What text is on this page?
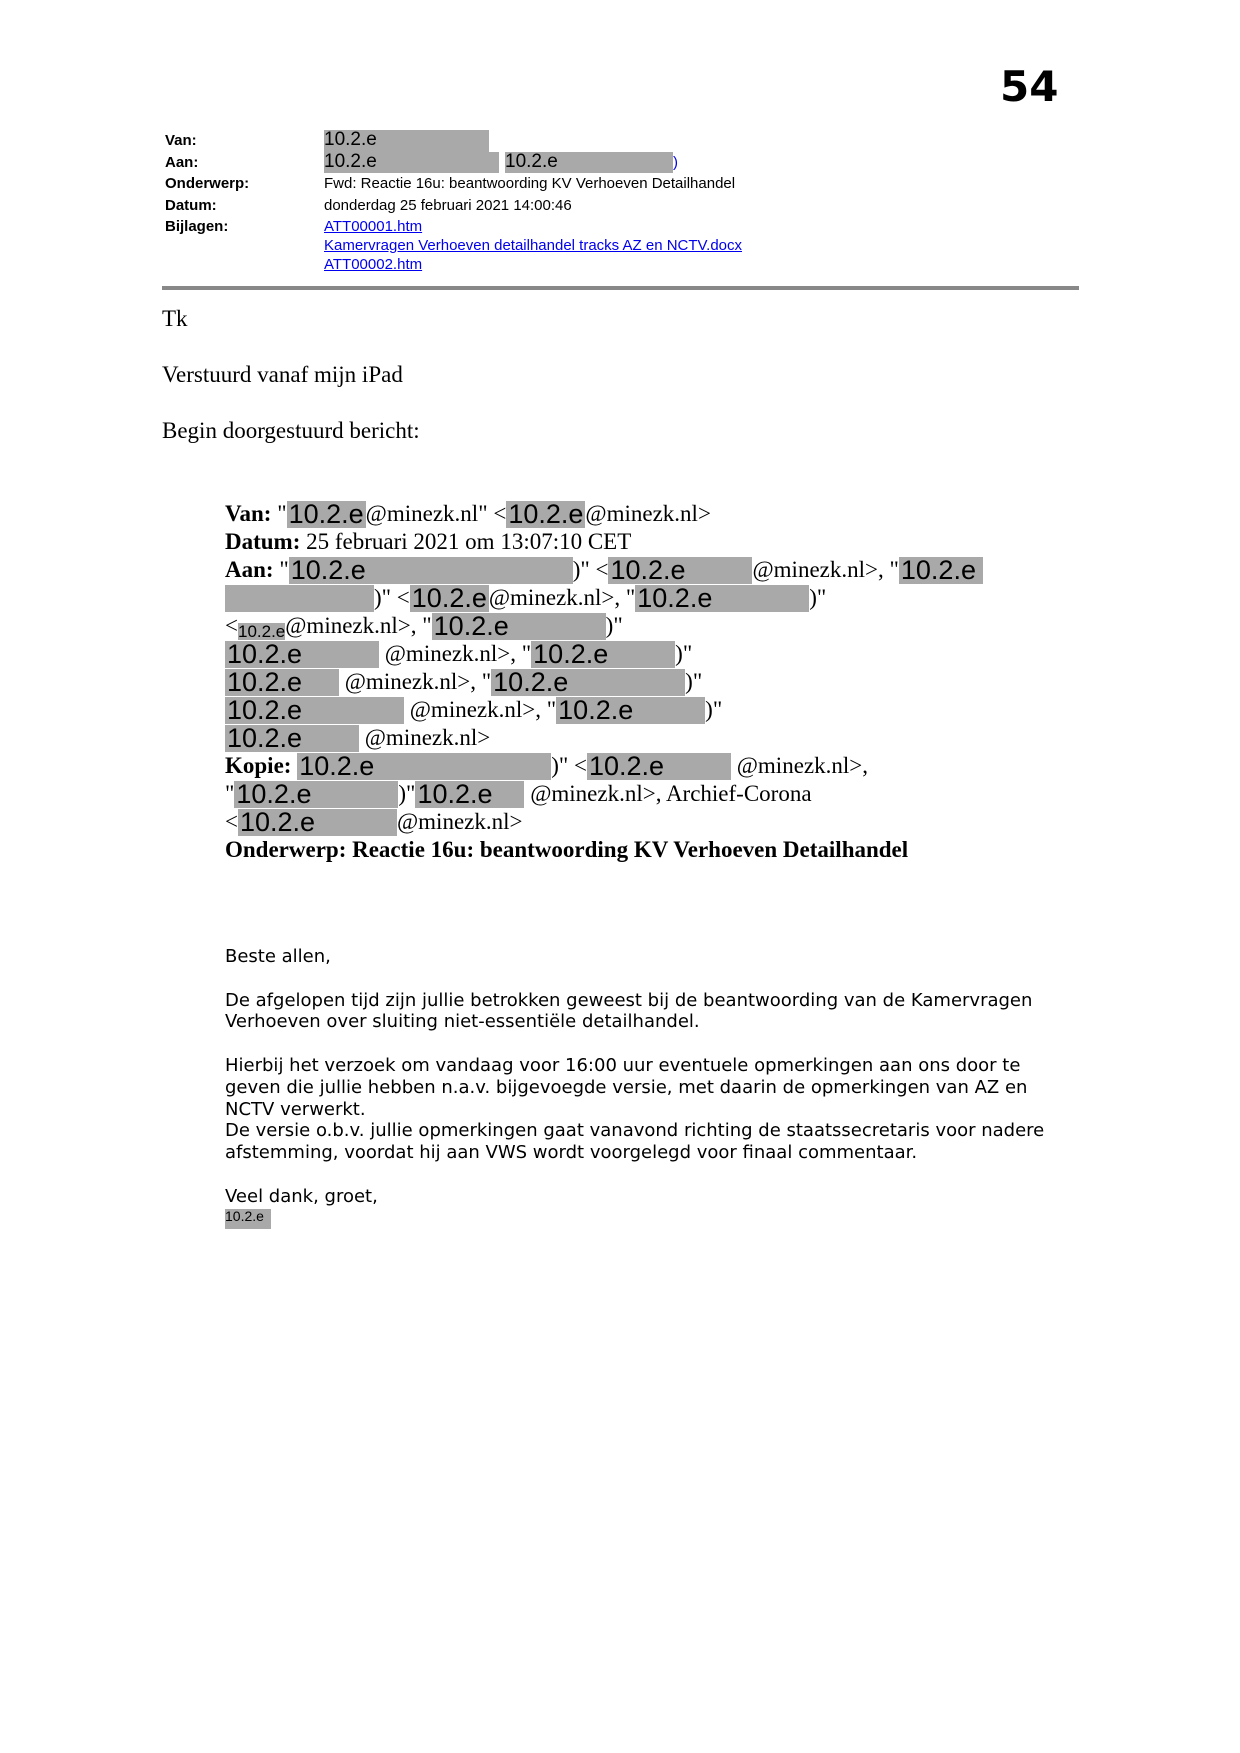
54
Van:	10.2.e
Aan:	10.2.e	10.2.e	)
Onderwerp:	Fwd: Reactie 16u: beantwoording KV Verhoeven Detailhandel
Datum:	donderdag 25 februari 2021 14:00:46
Bijlagen:	ATT00001.htm
Kamervragen Verhoeven detailhandel tracks AZ en NCTV.docx
ATT00002.htm
Tk
Verstuurd vanaf mijn iPad
Begin doorgestuurd bericht:
Van: "10.2.e@minezk.nl" <10.2.e@minezk.nl>
Datum: 25 februari 2021 om 13:07:10 CET
Aan: "10.2.e	)" <10.2.e	@minezk.nl>, "10.2.e
)" <10.2.e@minezk.nl>, "10.2.e	)"
<10.2.e@minezk.nl>, "10.2.e	)"
10.2.e	@minezk.nl>, "10.2.e	)"
10.2.e @minezk.nl>, "10.2.e	)"
10.2.e	@minezk.nl>, "10.2.e	)"
10.2.e	@minezk.nl>
Kopie: 10.2.e	)" <10.2.e	@minezk.nl>,
"10.2.e	)"10.2.e @minezk.nl>, Archief-Corona
<10.2.e	@minezk.nl>
Onderwerp: Reactie 16u: beantwoording KV Verhoeven Detailhandel

Beste allen,

De afgelopen tijd zijn jullie betrokken geweest bij de beantwoording van de Kamervragen Verhoeven over sluiting niet-essentiële detailhandel.

Hierbij het verzoek om vandaag voor 16:00 uur eventuele opmerkingen aan ons door te geven die jullie hebben n.a.v. bijgevoegde versie, met daarin de opmerkingen van AZ en NCTV verwerkt.

De versie o.b.v. jullie opmerkingen gaat vanavond richting de staatssecretaris voor nadere afstemming, voordat hij aan VWS wordt voorgelegd voor finaal commentaar.

Veel dank, groet,
10.2.e
